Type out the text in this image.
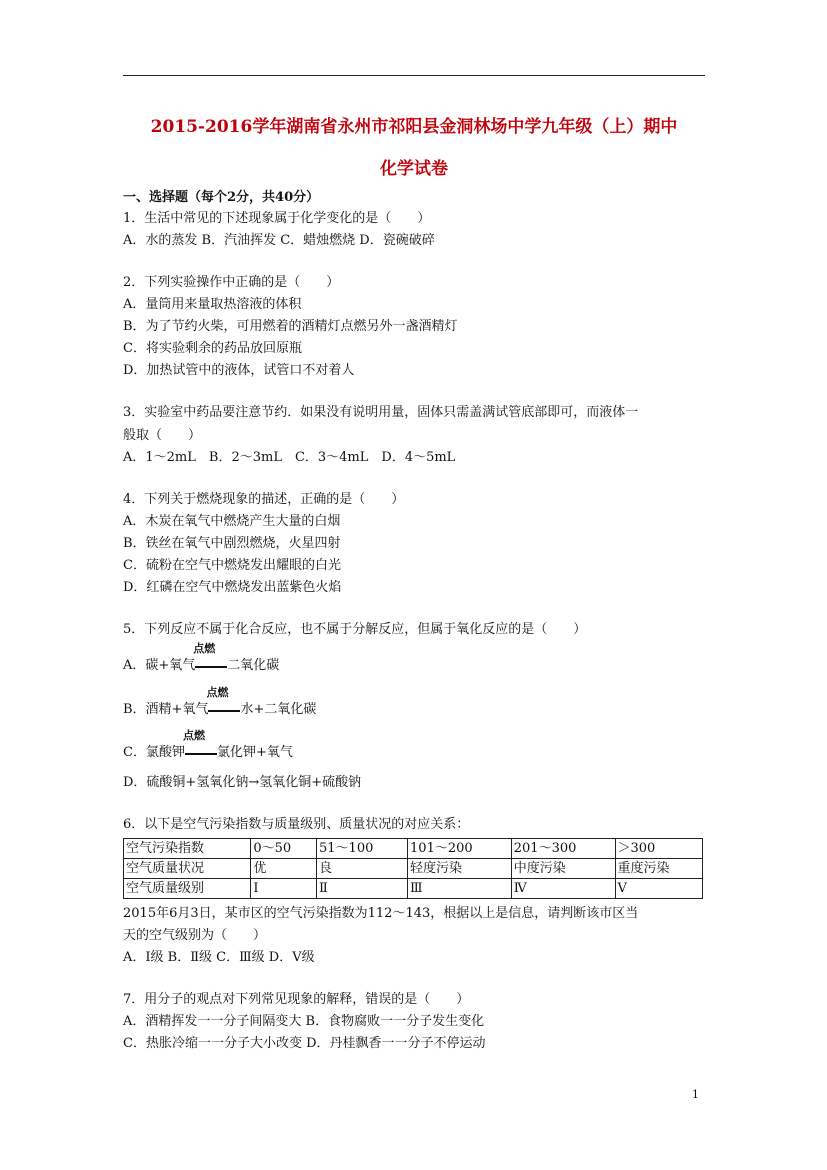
2015-2016学年湖南省永州市祁阳县金洞林场中学九年级（上）期中
化学试卷
一、选择题（每个2分，共40分）
1．生活中常见的下述现象属于化学变化的是（　　）
A．水的蒸发 B．汽油挥发 C．蜡烛燃烧 D．瓷碗破碎
2．下列实验操作中正确的是（　　）
A．量筒用来量取热溶液的体积
B．为了节约火柴，可用燃着的酒精灯点燃另外一盏酒精灯
C．将实验剩余的药品放回原瓶
D．加热试管中的液体，试管口不对着人
3．实验室中药品要注意节约．如果没有说明用量，固体只需盖满试管底部即可，而液体一
般取（　　）
A．1～2mL　B．2～3mL　C．3～4mL　D．4～5mL
4．下列关于燃烧现象的描述，正确的是（　　）
A．木炭在氧气中燃烧产生大量的白烟
B．铁丝在氧气中剧烈燃烧，火星四射
C．硫粉在空气中燃烧发出耀眼的白光
D．红磷在空气中燃烧发出蓝紫色火焰
5．下列反应不属于化合反应，也不属于分解反应，但属于氧化反应的是（　　）
A．碳+氧气
点燃
二氧化碳
B．酒精+氧气
点燃
水+二氧化碳
C．氯酸钾
点燃
氯化钾+氧气
D．硫酸铜+氢氧化钠→氢氧化铜+硫酸钠
6．以下是空气污染指数与质量级别、质量状况的对应关系：
空气污染指数	0～50	51～100	101～200	201～300	＞300
空气质量状况	优	良	轻度污染	中度污染	重度污染
空气质量级别	Ⅰ	Ⅱ	Ⅲ	Ⅳ	Ⅴ
2015年6月3日，某市区的空气污染指数为112～143，根据以上是信息，请判断该市区当
天的空气级别为（　　）
A．Ⅰ级 B．Ⅱ级 C．Ⅲ级 D．Ⅴ级
7．用分子的观点对下列常见现象的解释，错误的是（　　）
A．酒精挥发一一分子间隔变大 B．食物腐败一一分子发生变化
C．热胀冷缩一一分子大小改变 D．丹桂飘香一一分子不停运动
1
